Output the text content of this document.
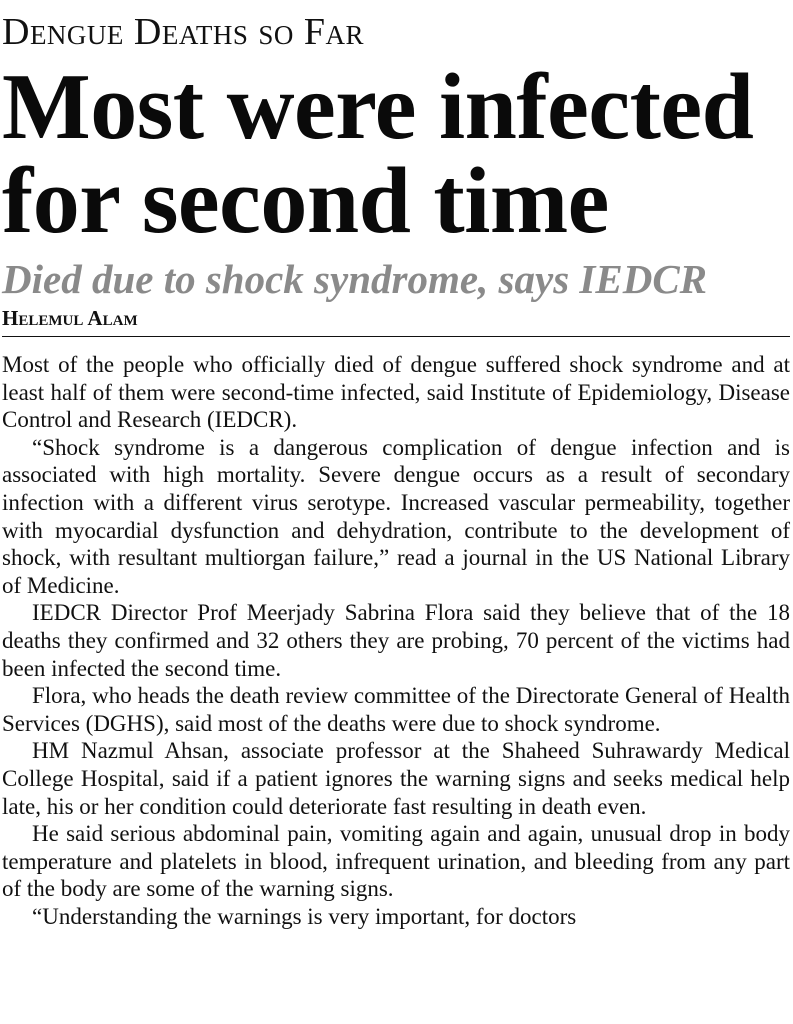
Dengue Deaths so Far
Most were infected
for second time
Died due to shock syndrome, says IEDCR
Helemul Alam

Most of the people who officially died of dengue suffered shock syndrome and at least half of them were second-time infected, said Institute of Epidemiology, Disease Control and Research (IEDCR).

“Shock syndrome is a dangerous complication of dengue infection and is associated with high mortality. Severe dengue occurs as a result of secondary infection with a different virus serotype. Increased vascular permeability, together with myocardial dysfunction and dehydration, contribute to the development of shock, with resultant multiorgan failure,” read a journal in the US National Library of Medicine.

IEDCR Director Prof Meerjady Sabrina Flora said they believe that of the 18 deaths they confirmed and 32 others they are probing, 70 percent of the victims had been infected the second time.

Flora, who heads the death review committee of the Directorate General of Health Services (DGHS), said most of the deaths were due to shock syndrome.

HM Nazmul Ahsan, associate professor at the Shaheed Suhrawardy Medical College Hospital, said if a patient ignores the warning signs and seeks medical help late, his or her condition could deteriorate fast resulting in death even.

He said serious abdominal pain, vomiting again and again, unusual drop in body temperature and platelets in blood, infrequent urination, and bleeding from any part of the body are some of the warning signs.

“Understanding the warnings is very important, for doctors
